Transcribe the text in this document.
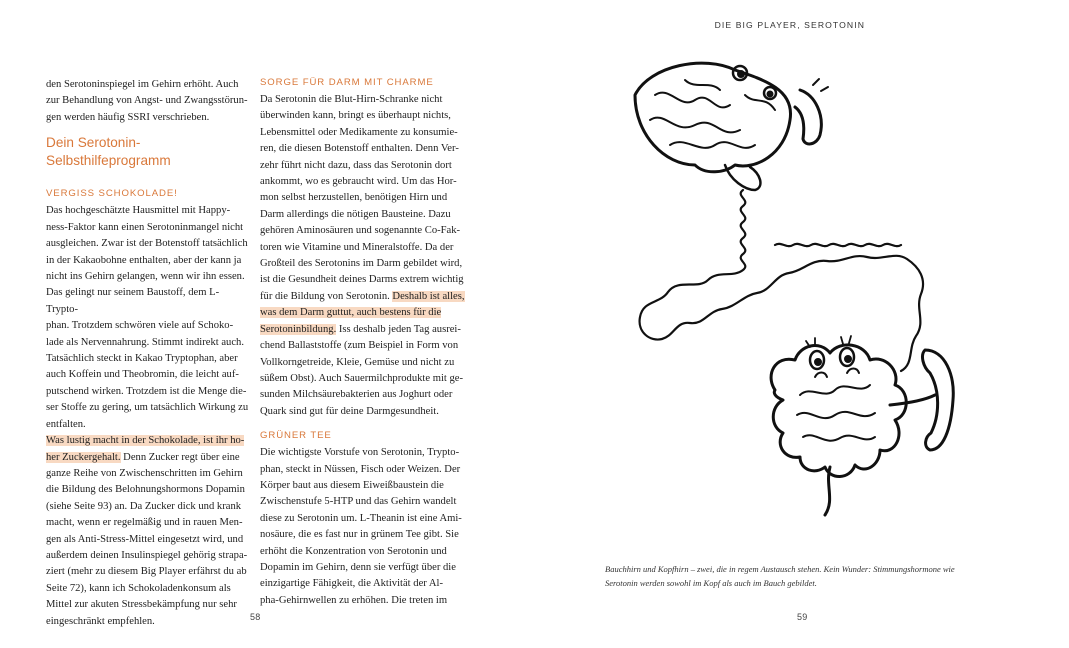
den Serotoninspiegel im Gehirn erhöht. Auch

zur Behandlung von Angst- und Zwangsstörun-

gen werden häufig SSRI verschrieben.

Dein Serotonin-
Selbsthilfeprogramm
VERGISS SCHOKOLADE!

Das hochgeschätzte Hausmittel mit Happy-

ness-Faktor kann einen Serotoninmangel nicht

ausgleichen. Zwar ist der Botenstoff tatsächlich

in der Kakaobohne enthalten, aber der kann ja

nicht ins Gehirn gelangen, wenn wir ihn essen.

Das gelingt nur seinem Baustoff, dem L-Trypto-

phan. Trotzdem schwören viele auf Schoko-

lade als Nervennahrung. Stimmt indirekt auch.

Tatsächlich steckt in Kakao Tryptophan, aber

auch Koffein und Theobromin, die leicht auf-

putschend wirken. Trotzdem ist die Menge die-

ser Stoffe zu gering, um tatsächlich Wirkung zu

entfalten.

Was lustig macht in der Schokolade, ist ihr ho-

her Zuckergehalt. Denn Zucker regt über eine

ganze Reihe von Zwischenschritten im Gehirn

die Bildung des Belohnungshormons Dopamin

(siehe Seite 93) an. Da Zucker dick und krank

macht, wenn er regelmäßig und in rauen Men-

gen als Anti-Stress-Mittel eingesetzt wird, und

außerdem deinen Insulinspiegel gehörig strapa-

ziert (mehr zu diesem Big Player erfährst du ab

Seite 72), kann ich Schokoladenkonsum als

Mittel zur akuten Stressbekämpfung nur sehr

eingeschränkt empfehlen.

SORGE FÜR DARM MIT CHARME

Da Serotonin die Blut-Hirn-Schranke nicht

überwinden kann, bringt es überhaupt nichts,

Lebensmittel oder Medikamente zu konsumie-

ren, die diesen Botenstoff enthalten. Denn Ver-

zehr führt nicht dazu, dass das Serotonin dort

ankommt, wo es gebraucht wird. Um das Hor-

mon selbst herzustellen, benötigen Hirn und

Darm allerdings die nötigen Bausteine. Dazu

gehören Aminosäuren und sogenannte Co-Fak-

toren wie Vitamine und Mineralstoffe. Da der

Großteil des Serotonins im Darm gebildet wird,

ist die Gesundheit deines Darms extrem wichtig

für die Bildung von Serotonin. Deshalb ist alles,

was dem Darm guttut, auch bestens für die

Serotoninbildung. Iss deshalb jeden Tag ausrei-

chend Ballaststoffe (zum Beispiel in Form von

Vollkorngetreide, Kleie, Gemüse und nicht zu

süßem Obst). Auch Sauermilchprodukte mit ge-

sunden Milchsäurebakterien aus Joghurt oder

Quark sind gut für deine Darmgesundheit.

GRÜNER TEE

Die wichtigste Vorstufe von Serotonin, Trypto-

phan, steckt in Nüssen, Fisch oder Weizen. Der

Körper baut aus diesem Eiweißbaustein die

Zwischenstufe 5-HTP und das Gehirn wandelt

diese zu Serotonin um. L-Theanin ist eine Ami-

nosäure, die es fast nur in grünem Tee gibt. Sie

erhöht die Konzentration von Serotonin und

Dopamin im Gehirn, denn sie verfügt über die

einzigartige Fähigkeit, die Aktivität der Al-

pha-Gehirnwellen zu erhöhen. Die treten im

58
DIE BIG PLAYER, SEROTONIN
Bauchhirn und Kopfhirn – zwei, die in regem Austausch stehen. Kein Wunder: Stimmungshormone wie
Serotonin werden sowohl im Kopf als auch im Bauch gebildet.
59
